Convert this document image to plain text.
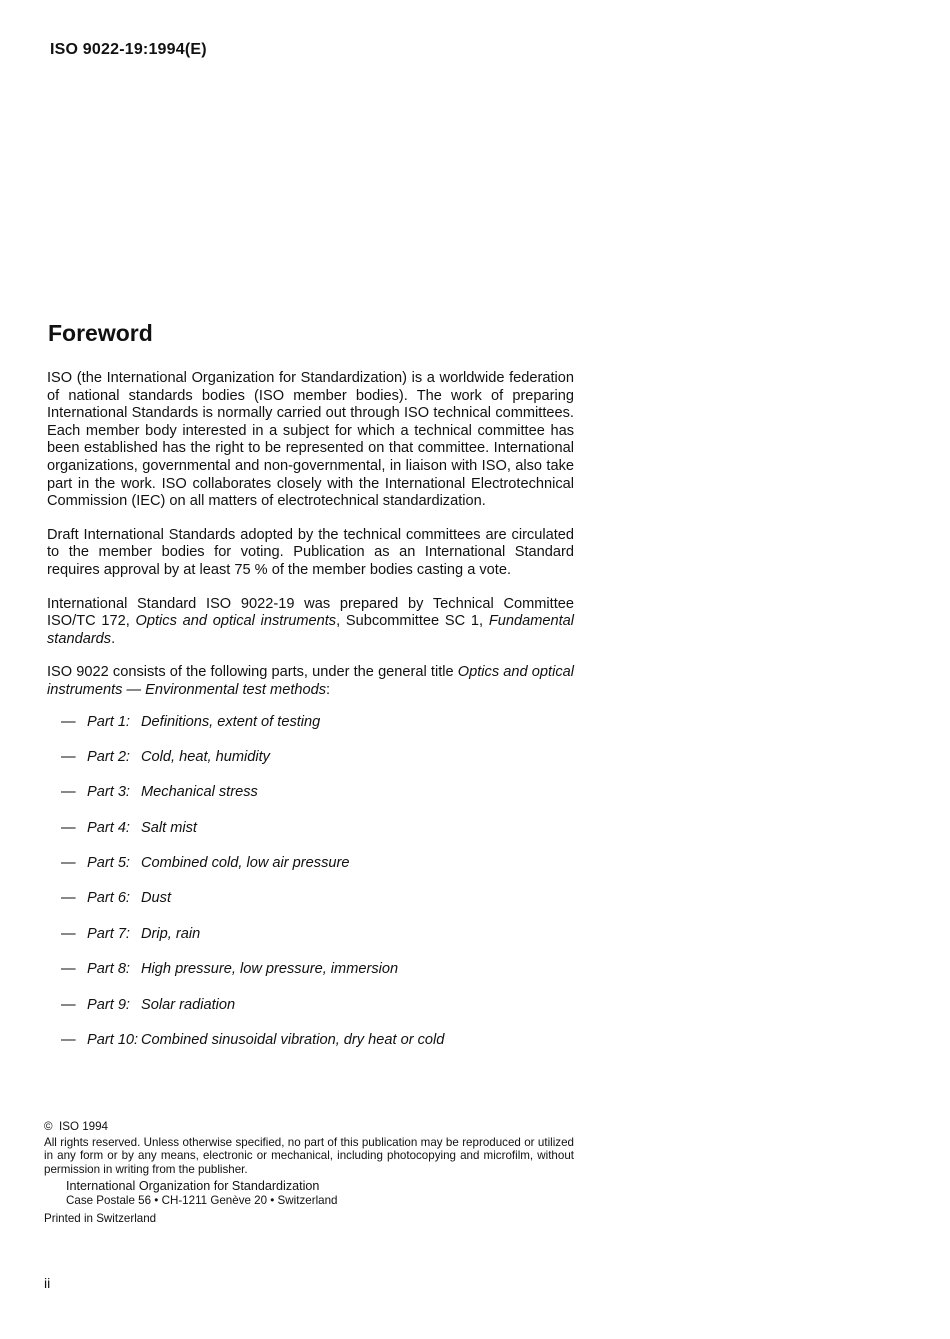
ISO 9022-19:1994(E)
Foreword

ISO (the International Organization for Standardization) is a worldwide federation of national standards bodies (ISO member bodies). The work of preparing International Standards is normally carried out through ISO technical committees. Each member body interested in a subject for which a technical committee has been established has the right to be represented on that committee. International organizations, governmental and non-governmental, in liaison with ISO, also take part in the work. ISO collaborates closely with the International Electrotechnical Commission (IEC) on all matters of electrotechnical standardization.

Draft International Standards adopted by the technical committees are circulated to the member bodies for voting. Publication as an International Standard requires approval by at least 75 % of the member bodies casting a vote.

International Standard ISO 9022-19 was prepared by Technical Committee ISO/TC 172, Optics and optical instruments, Subcommittee SC 1, Fundamental standards.

ISO 9022 consists of the following parts, under the general title Optics and optical instruments — Environmental test methods:

— Part 1: Definitions, extent of testing
— Part 2: Cold, heat, humidity
— Part 3: Mechanical stress
— Part 4: Salt mist
— Part 5: Combined cold, low air pressure
— Part 6: Dust
— Part 7: Drip, rain
— Part 8: High pressure, low pressure, immersion
— Part 9: Solar radiation
— Part 10: Combined sinusoidal vibration, dry heat or cold
© ISO 1994
All rights reserved. Unless otherwise specified, no part of this publication may be reproduced or utilized in any form or by any means, electronic or mechanical, including photocopying and microfilm, without permission in writing from the publisher.
International Organization for Standardization
Case Postale 56 • CH-1211 Genève 20 • Switzerland
Printed in Switzerland
ii
